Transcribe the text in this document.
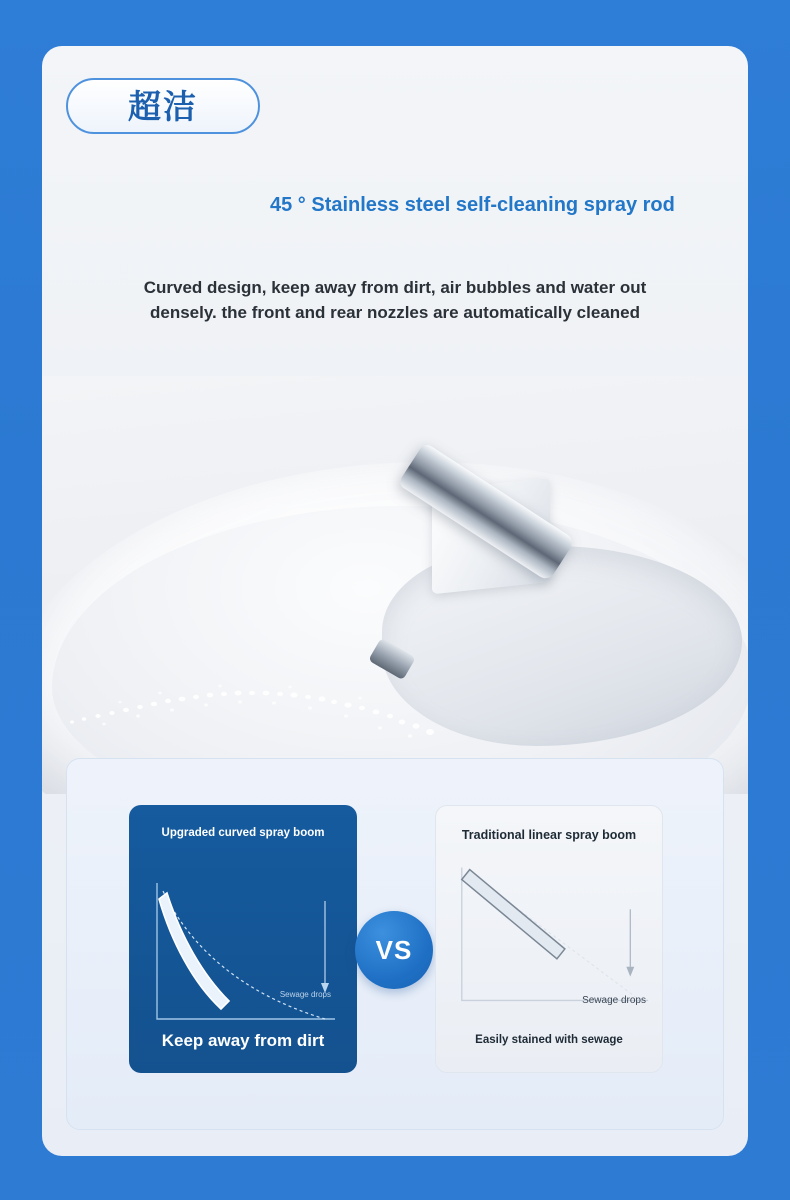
超洁
45 ° Stainless steel self-cleaning spray rod
Curved design, keep away from dirt, air bubbles and water out densely. the front and rear nozzles are automatically cleaned
Upgraded curved spray boom
Sewage drops
Keep away from dirt
VS
Traditional linear spray boom
Sewage drops
Easily stained with sewage
